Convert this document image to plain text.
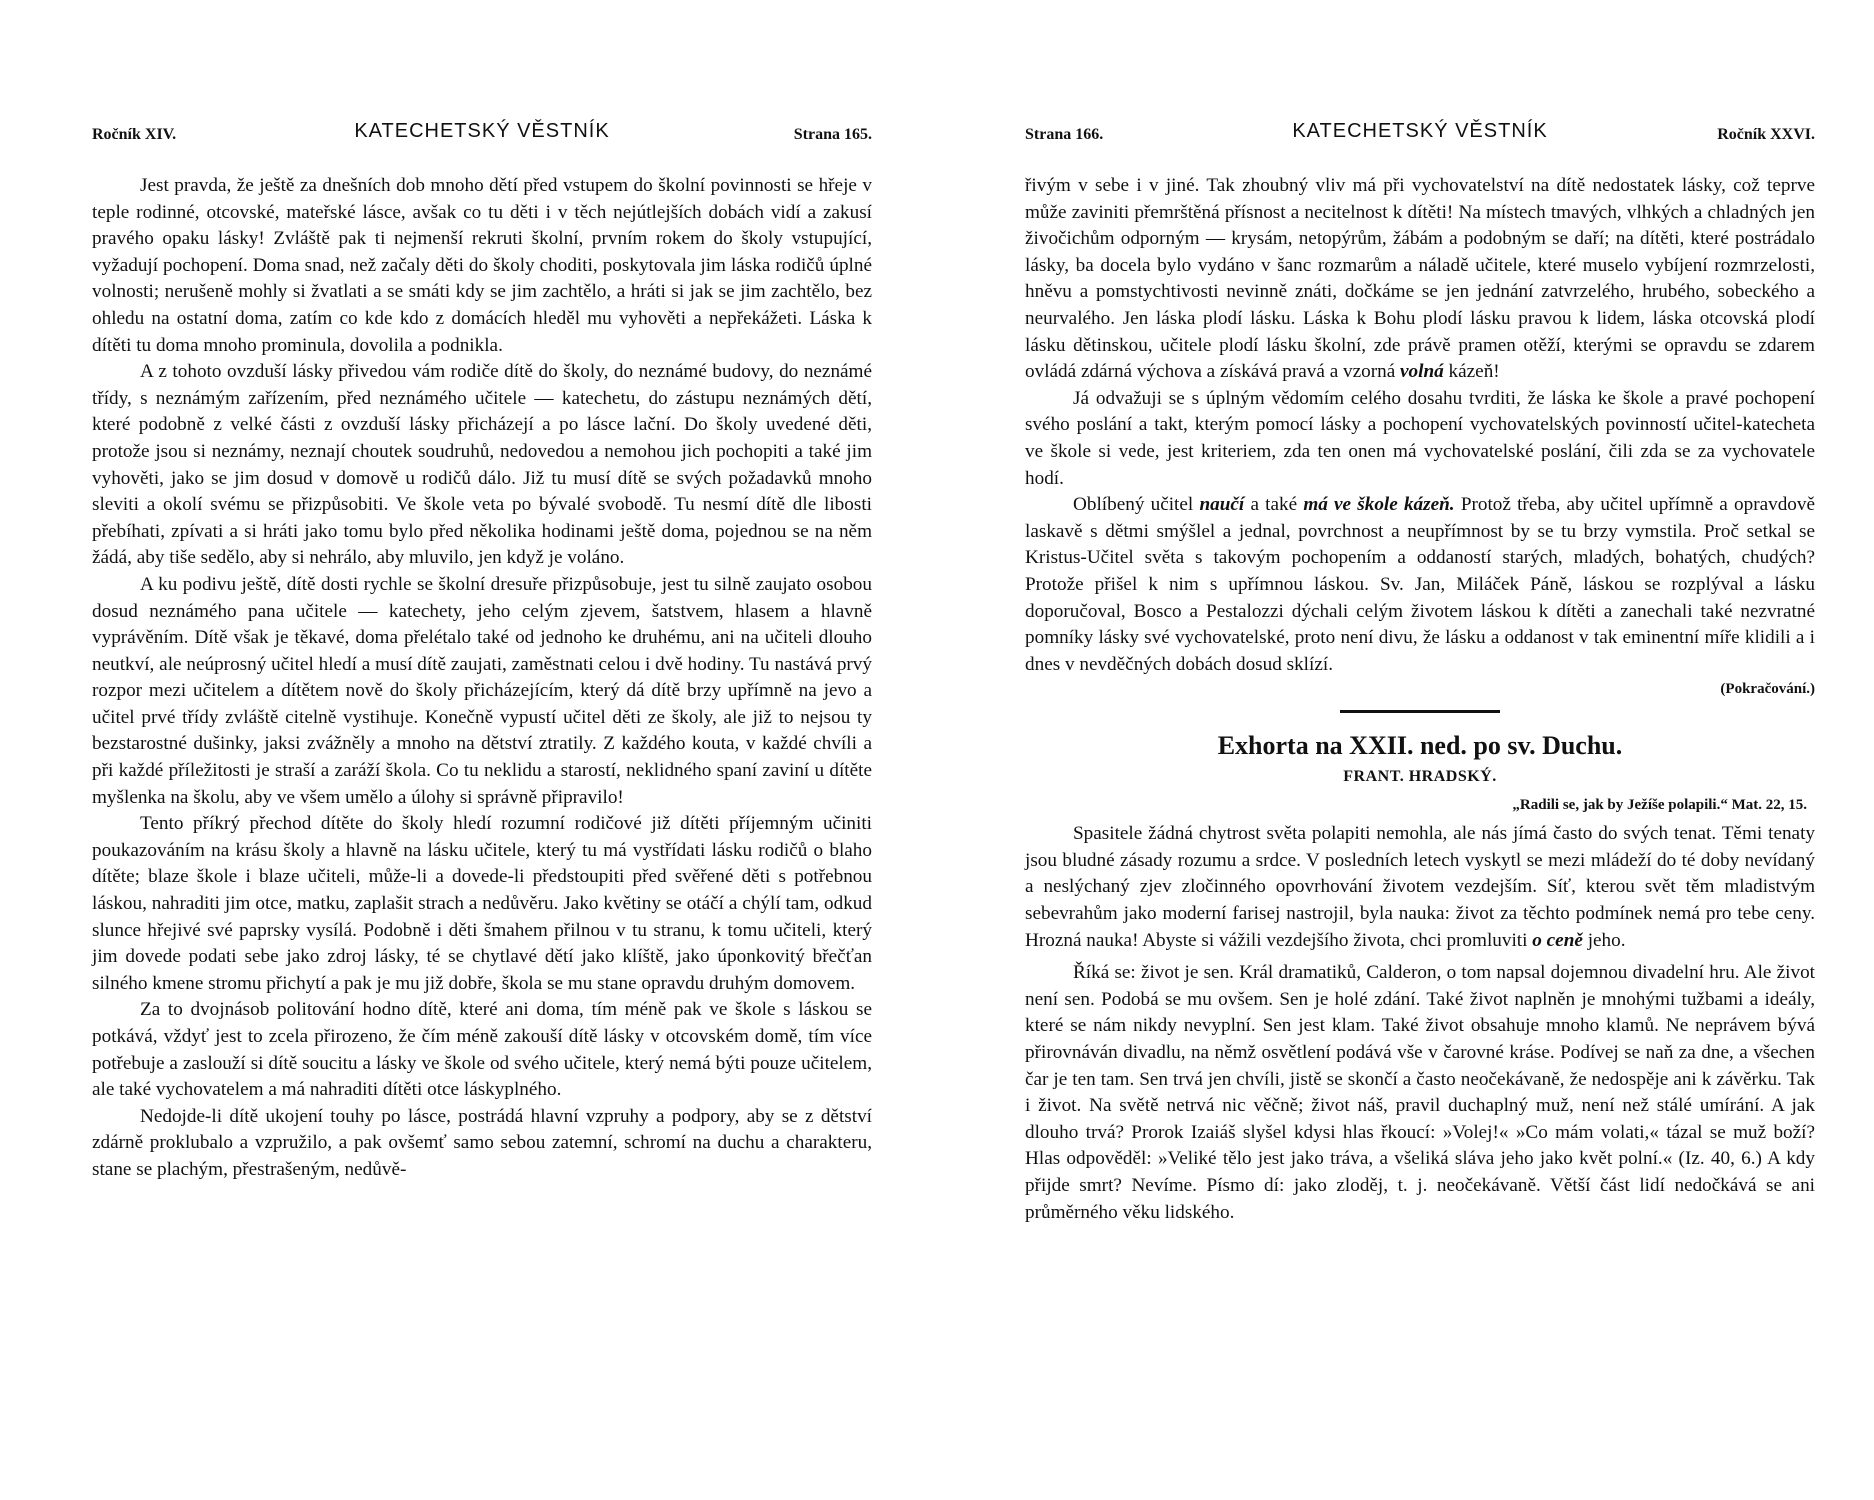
Ročník XIV.	KATECHETSKÝ VĚSTNÍK	Strana 165.

Jest pravda, že ještě za dnešních dob mnoho dětí před vstupem do školní povinnosti se hřeje v teple rodinné, otcovské, mateřské lásce, avšak co tu děti i v těch nejútlejších dobách vidí a zakusí pravého opaku lásky! Zvláště pak ti nejmenší rekruti školní, prvním rokem do školy vstupující, vyžadují pochopení. Doma snad, než začaly děti do školy choditi, poskytovala jim láska rodičů úplné volnosti; nerušeně mohly si žvatlati a se smáti kdy se jim zachtělo, a hráti si jak se jim zachtělo, bez ohledu na ostatní doma, zatím co kde kdo z domácích hleděl mu vyhověti a nepřekážeti. Láska k dítěti tu doma mnoho prominula, dovolila a podnikla.

A z tohoto ovzduší lásky přivedou vám rodiče dítě do školy, do neznámé budovy, do neznámé třídy, s neznámým zařízením, před neznámého učitele — katechetu, do zástupu neznámých dětí, které podobně z velké části z ovzduší lásky přicházejí a po lásce lační. Do školy uvedené děti, protože jsou si neznámy, neznají choutek soudruhů, nedovedou a nemohou jich pochopiti a také jim vyhověti, jako se jim dosud v domově u rodičů dálo. Již tu musí dítě se svých požadavků mnoho sleviti a okolí svému se přizpůsobiti. Ve škole veta po bývalé svobodě. Tu nesmí dítě dle libosti přebíhati, zpívati a si hráti jako tomu bylo před několika hodinami ještě doma, pojednou se na něm žádá, aby tiše sedělo, aby si nehrálo, aby mluvilo, jen když je voláno.

A ku podivu ještě, dítě dosti rychle se školní dresuře přizpůsobuje, jest tu silně zaujato osobou dosud neznámého pana učitele — katechety, jeho celým zjevem, šatstvem, hlasem a hlavně vyprávěním. Dítě však je těkavé, doma přelétalo také od jednoho ke druhému, ani na učiteli dlouho neutkví, ale neúprosný učitel hledí a musí dítě zaujati, zaměstnati celou i dvě hodiny. Tu nastává prvý rozpor mezi učitelem a dítětem nově do školy přicházejícím, který dá dítě brzy upřímně na jevo a učitel prvé třídy zvláště citelně vystihuje. Konečně vypustí učitel děti ze školy, ale již to nejsou ty bezstarostné dušinky, jaksi zvážněly a mnoho na dětství ztratily. Z každého kouta, v každé chvíli a při každé příležitosti je straší a zaráží škola. Co tu neklidu a starostí, neklidného spaní zaviní u dítěte myšlenka na školu, aby ve všem umělo a úlohy si správně připravilo!

Tento příkrý přechod dítěte do školy hledí rozumní rodičové již dítěti příjemným učiniti poukazováním na krásu školy a hlavně na lásku učitele, který tu má vystřídati lásku rodičů o blaho dítěte; blaze škole i blaze učiteli, může-li a dovede-li předstoupiti před svěřené děti s potřebnou láskou, nahraditi jim otce, matku, zaplašit strach a nedůvěru. Jako květiny se otáčí a chýlí tam, odkud slunce hřejivé své paprsky vysílá. Podobně i děti šmahem přilnou v tu stranu, k tomu učiteli, který jim dovede podati sebe jako zdroj lásky, té se chytlavé dětí jako klíště, jako úponkovitý břečťan silného kmene stromu přichytí a pak je mu již dobře, škola se mu stane opravdu druhým domovem.

Za to dvojnásob politování hodno dítě, které ani doma, tím méně pak ve škole s láskou se potkává, vždyť jest to zcela přirozeno, že čím méně zakouší dítě lásky v otcovském domě, tím více potřebuje a zaslouží si dítě soucitu a lásky ve škole od svého učitele, který nemá býti pouze učitelem, ale také vychovatelem a má nahraditi dítěti otce láskyplného.

Nedojde-li dítě ukojení touhy po lásce, postrádá hlavní vzpruhy a podpory, aby se z dětství zdárně proklubalo a vzpružilo, a pak ovšemť samo sebou zatemní, schromí na duchu a charakteru, stane se plachým, přestrašeným, nedůvě-

Strana 166.	KATECHETSKÝ VĚSTNÍK	Ročník XXVI.

řivým v sebe i v jiné. Tak zhoubný vliv má při vychovatelství na dítě nedostatek lásky, což teprve může zaviniti přemrštěná přísnost a necitelnost k dítěti! Na místech tmavých, vlhkých a chladných jen živočichům odporným — krysám, netopýrům, žábám a podobným se daří; na dítěti, které postrádalo lásky, ba docela bylo vydáno v šanc rozmarům a náladě učitele, které muselo vybíjení rozmrzelosti, hněvu a pomstychtivosti nevinně znáti, dočkáme se jen jednání zatvrzelého, hrubého, sobeckého a neurvalého. Jen láska plodí lásku. Láska k Bohu plodí lásku pravou k lidem, láska otcovská plodí lásku dětinskou, učitele plodí lásku školní, zde právě pramen otěží, kterými se opravdu se zdarem ovládá zdárná výchova a získává pravá a vzorná volná kázeň!

Já odvažuji se s úplným vědomím celého dosahu tvrditi, že láska ke škole a pravé pochopení svého poslání a takt, kterým pomocí lásky a pochopení vychovatelských povinností učitel-katecheta ve škole si vede, jest kriteriem, zda ten onen má vychovatelské poslání, čili zda se za vychovatele hodí.

Oblíbený učitel naučí a také má ve škole kázeň. Protož třeba, aby učitel upřímně a opravdově laskavě s dětmi smýšlel a jednal, povrchnost a neupřímnost by se tu brzy vymstila. Proč setkal se Kristus-Učitel světa s takovým pochopením a oddaností starých, mladých, bohatých, chudých? Protože přišel k nim s upřímnou láskou. Sv. Jan, Miláček Páně, láskou se rozplýval a lásku doporučoval, Bosco a Pestalozzi dýchali celým životem láskou k dítěti a zanechali také nezvratné pomníky lásky své vychovatelské, proto není divu, že lásku a oddanost v tak eminentní míře klidili a i dnes v nevděčných dobách dosud sklízí.

(Pokračování.)

Exhorta na XXII. ned. po sv. Duchu.
FRANT. HRADSKÝ.
„Radili se, jak by Ježíše polapili.“ Mat. 22, 15.

Spasitele žádná chytrost světa polapiti nemohla, ale nás jímá často do svých tenat. Těmi tenaty jsou bludné zásady rozumu a srdce. V posledních letech vyskytl se mezi mládeží do té doby nevídaný a neslýchaný zjev zločinného opovrhování životem vezdejším. Síť, kterou svět těm mladistvým sebevrahům jako moderní farisej nastrojil, byla nauka: život za těchto podmínek nemá pro tebe ceny. Hrozná nauka! Abyste si vážili vezdejšího života, chci promluviti o ceně jeho.

Říká se: život je sen. Král dramatiků, Calderon, o tom napsal dojemnou divadelní hru. Ale život není sen. Podobá se mu ovšem. Sen je holé zdání. Také život naplněn je mnohými tužbami a ideály, které se nám nikdy nevyplní. Sen jest klam. Také život obsahuje mnoho klamů. Ne neprávem bývá přirovnáván divadlu, na němž osvětlení podává vše v čarovné kráse. Podívej se naň za dne, a všechen čar je ten tam. Sen trvá jen chvíli, jistě se skončí a často neočekávaně, že nedospěje ani k závěrku. Tak i život. Na světě netrvá nic věčně; život náš, pravil duchaplný muž, není než stálé umírání. A jak dlouho trvá? Prorok Izaiáš slyšel kdysi hlas řkoucí: »Volej!« »Co mám volati,« tázal se muž boží? Hlas odpověděl: »Veliké tělo jest jako tráva, a všeliká sláva jeho jako květ polní.« (Iz. 40, 6.) A kdy přijde smrt? Nevíme. Písmo dí: jako zloděj, t. j. neočekávaně. Větší část lidí nedočkává se ani průměrného věku lidského.
